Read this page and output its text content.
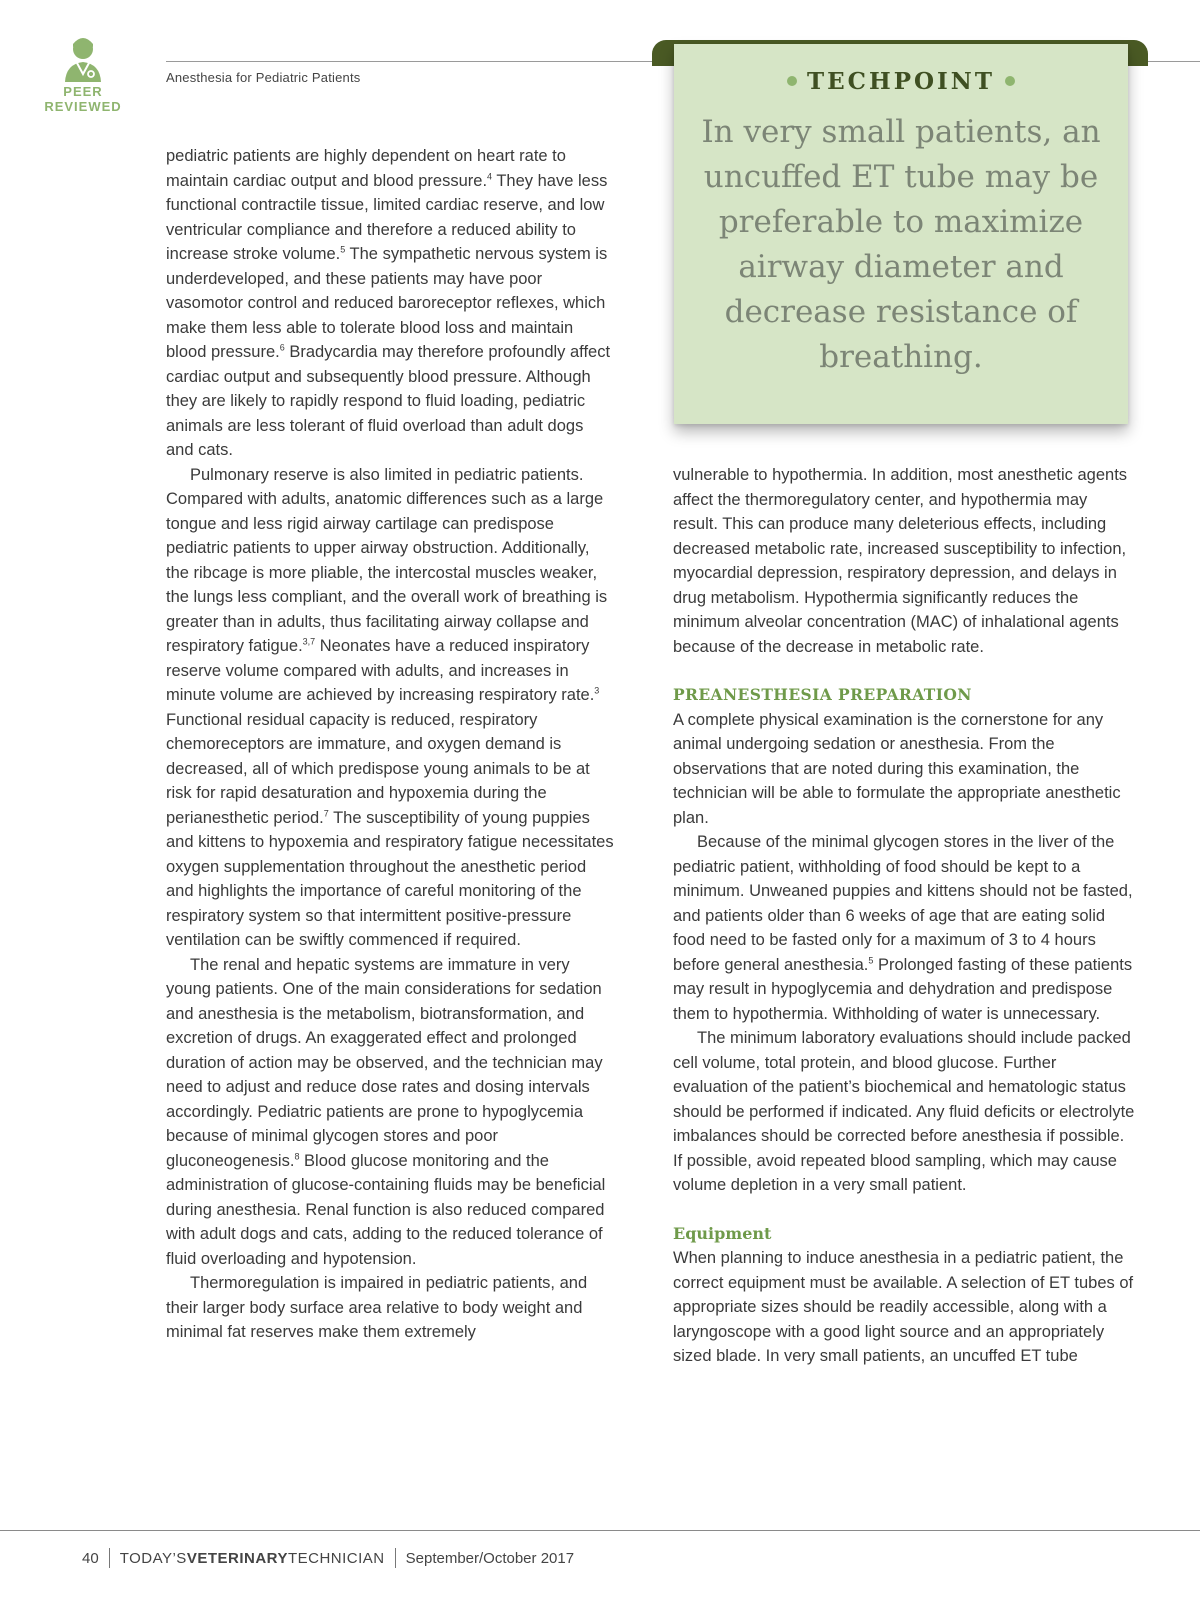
PEER
REVIEWED
Anesthesia for Pediatric Patients	TECHPOINT
In very small patients, an uncuffed ET tube may be preferable to maximize airway diameter and decrease resistance of breathing.

pediatric patients are highly dependent on heart rate to maintain cardiac output and blood pressure.$^4$ They have less functional contractile tissue, limited cardiac reserve, and low ventricular compliance and therefore a reduced ability to increase stroke volume.$^5$ The sympathetic nervous system is underdeveloped, and these patients may have poor vasomotor control and reduced baroreceptor reflexes, which make them less able to tolerate blood loss and maintain blood pressure.$^6$ Bradycardia may therefore profoundly affect cardiac output and subsequently blood pressure. Although they are likely to rapidly respond to fluid loading, pediatric animals are less tolerant of fluid overload than adult dogs and cats.

Pulmonary reserve is also limited in pediatric patients. Compared with adults, anatomic differences such as a large tongue and less rigid airway cartilage can predispose pediatric patients to upper airway obstruction. Additionally, the ribcage is more pliable, the intercostal muscles weaker, the lungs less compliant, and the overall work of breathing is greater than in adults, thus facilitating airway collapse and respiratory fatigue.$^{3,7}$ Neonates have a reduced inspiratory reserve volume compared with adults, and increases in minute volume are achieved by increasing respiratory rate.$^3$ Functional residual capacity is reduced, respiratory chemoreceptors are immature, and oxygen demand is decreased, all of which predispose young animals to be at risk for rapid desaturation and hypoxemia during the perianesthetic period.$^7$ The susceptibility of young puppies and kittens to hypoxemia and respiratory fatigue necessitates oxygen supplementation throughout the anesthetic period and highlights the importance of careful monitoring of the respiratory system so that intermittent positive-pressure ventilation can be swiftly commenced if required.

The renal and hepatic systems are immature in very young patients. One of the main considerations for sedation and anesthesia is the metabolism, biotransformation, and excretion of drugs. An exaggerated effect and prolonged duration of action may be observed, and the technician may need to adjust and reduce dose rates and dosing intervals accordingly. Pediatric patients are prone to hypoglycemia because of minimal glycogen stores and poor gluconeogenesis.$^8$ Blood glucose monitoring and the administration of glucose-containing fluids may be beneficial during anesthesia. Renal function is also reduced compared with adult dogs and cats, adding to the reduced tolerance of fluid overloading and hypotension.

Thermoregulation is impaired in pediatric patients, and their larger body surface area relative to body weight and minimal fat reserves make them extremely

vulnerable to hypothermia. In addition, most anesthetic agents affect the thermoregulatory center, and hypothermia may result. This can produce many deleterious effects, including decreased metabolic rate, increased susceptibility to infection, myocardial depression, respiratory depression, and delays in drug metabolism. Hypothermia significantly reduces the minimum alveolar concentration (MAC) of inhalational agents because of the decrease in metabolic rate.

PREANESTHESIA PREPARATION

A complete physical examination is the cornerstone for any animal undergoing sedation or anesthesia. From the observations that are noted during this examination, the technician will be able to formulate the appropriate anesthetic plan.

Because of the minimal glycogen stores in the liver of the pediatric patient, withholding of food should be kept to a minimum. Unweaned puppies and kittens should not be fasted, and patients older than 6 weeks of age that are eating solid food need to be fasted only for a maximum of 3 to 4 hours before general anesthesia.$^5$ Prolonged fasting of these patients may result in hypoglycemia and dehydration and predispose them to hypothermia. Withholding of water is unnecessary.

The minimum laboratory evaluations should include packed cell volume, total protein, and blood glucose. Further evaluation of the patient’s biochemical and hematologic status should be performed if indicated. Any fluid deficits or electrolyte imbalances should be corrected before anesthesia if possible. If possible, avoid repeated blood sampling, which may cause volume depletion in a very small patient.

Equipment

When planning to induce anesthesia in a pediatric patient, the correct equipment must be available. A selection of ET tubes of appropriate sizes should be readily accessible, along with a laryngoscope with a good light source and an appropriately sized blade. In very small patients, an uncuffed ET tube

40 TODAY’SVETERINARYTECHNICIAN September/October 2017
